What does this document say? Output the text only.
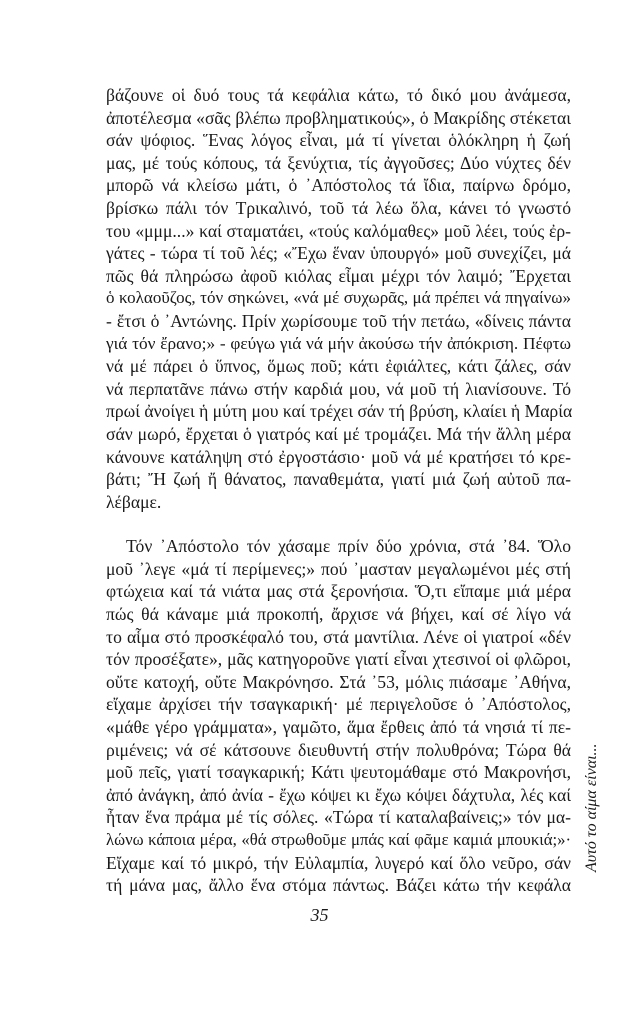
βάζουνε οἱ δυό τους τά κεφάλια κάτω, τό δικό μου ἀνάμεσα,
ἀποτέλεσμα «σᾶς βλέπω προβληματικούς», ὁ Μακρίδης στέκεται
σάν ψόφιος. Ἕνας λόγος εἶναι, μά τί γίνεται ὁλόκληρη ἡ ζωή
μας, μέ τούς κόπους, τά ξενύχτια, τίς ἀγγοῦσες; Δύο νύχτες δέν
μπορῶ νά κλείσω μάτι, ὁ ᾿Απόστολος τά ἴδια, παίρνω δρόμο,
βρίσκω πάλι τόν Τρικαλινό, τοῦ τά λέω ὅλα, κάνει τό γνωστό
του «μμμ...» καί σταματάει, «τούς καλόμαθες» μοῦ λέει, τούς ἐρ-
γάτες - τώρα τί τοῦ λές; «Ἔχω ἕναν ὑπουργό» μοῦ συνεχίζει, μά
πῶς θά πληρώσω ἀφοῦ κιόλας εἶμαι μέχρι τόν λαιμό; Ἔρχεται
ὁ κολαοῦζος, τόν σηκώνει, «νά μέ συχωρᾶς, μά πρέπει νά πηγαίνω»
- ἔτσι ὁ ᾿Αντώνης. Πρίν χωρίσουμε τοῦ τήν πετάω, «δίνεις πάντα
γιά τόν ἔρανο;» - φεύγω γιά νά μήν ἀκούσω τήν ἀπόκριση. Πέφτω
νά μέ πάρει ὁ ὕπνος, ὅμως ποῦ; κάτι ἐφιάλτες, κάτι ζάλες, σάν
νά περπατᾶνε πάνω στήν καρδιά μου, νά μοῦ τή λιανίσουνε. Τό
πρωί ἀνοίγει ἡ μύτη μου καί τρέχει σάν τή βρύση, κλαίει ἡ Μαρία
σάν μωρό, ἔρχεται ὁ γιατρός καί μέ τρομάζει. Μά τήν ἄλλη μέρα
κάνουνε κατάληψη στό ἐργοστάσιο· μοῦ νά μέ κρατήσει τό κρε-
βάτι; Ἤ ζωή ἤ θάνατος, παναθεμάτα, γιατί μιά ζωή αὐτοῦ πα-
λέβαμε.

Τόν ᾿Απόστολο τόν χάσαμε πρίν δύο χρόνια, στά ᾿84. Ὅλο
μοῦ ᾿λεγε «μά τί περίμενες;» πού ᾿μασταν μεγαλωμένοι μές στή
φτώχεια καί τά νιάτα μας στά ξερονήσια. Ὅ,τι εἴπαμε μιά μέρα
πώς θά κάναμε μιά προκοπή, ἄρχισε νά βήχει, καί σέ λίγο νά
το αἷμα στό προσκέφαλό του, στά μαντίλια. Λένε οἱ γιατροί «δέν
τόν προσέξατε», μᾶς κατηγοροῦνε γιατί εἶναι χτεσινοί οἱ φλῶροι,
οὔτε κατοχή, οὔτε Μακρόνησο. Στά ᾿53, μόλις πιάσαμε ᾿Αθήνα,
εἴχαμε ἀρχίσει τήν τσαγκαρική· μέ περιγελοῦσε ὁ ᾿Απόστολος,
«μάθε γέρο γράμματα», γαμῶτο, ἅμα ἔρθεις ἀπό τά νησιά τί πε-
ριμένεις; νά σέ κάτσουνε διευθυντή στήν πολυθρόνα; Τώρα θά
μοῦ πεῖς, γιατί τσαγκαρική; Κάτι ψευτομάθαμε στό Μακρονήσι,
ἀπό ἀνάγκη, ἀπό ἀνία - ἔχω κόψει κι ἔχω κόψει δάχτυλα, λές καί
ἦταν ἕνα πράμα μέ τίς σόλες. «Τώρα τί καταλαβαίνεις;» τόν μα-
λώνω κάποια μέρα, «θά στρωθοῦμε μπάς καί φᾶμε καμιά μπουκιά;»·
Εἴχαμε καί τό μικρό, τήν Εὐλαμπία, λυγερό καί ὅλο νεῦρο, σάν
τή μάνα μας, ἄλλο ἕνα στόμα πάντως. Βάζει κάτω τήν κεφάλα

Αυτό το αίμα είναι...
35
